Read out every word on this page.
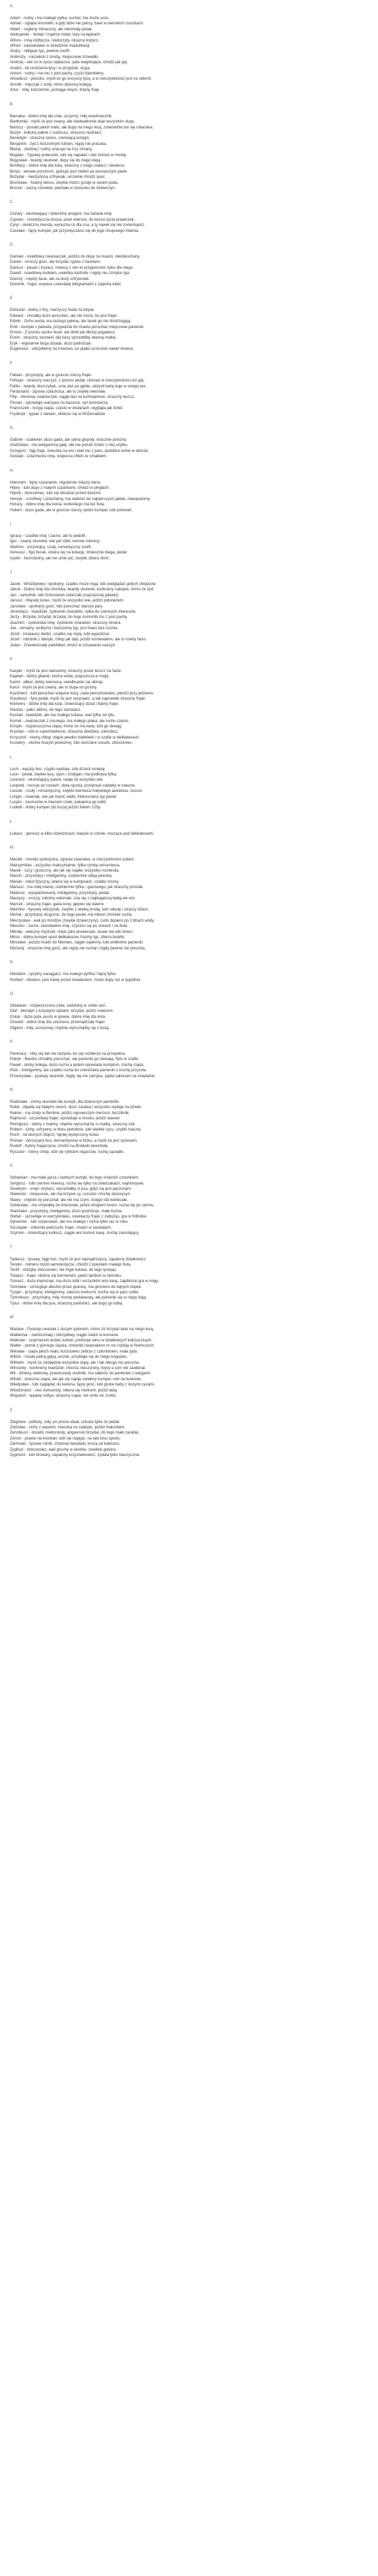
A
Adam - rudny i ma małego pyłka, suchar, ma może uszu.
Adrian - ogląda konstelki, a gdy idzie nie patrzy, bawi w damskich ciuszkach.
Albert - ceglony ślimaczny, ale nieśmiały pedał.
Aleksander - liubiar i mądrze mówi, lazy na łapkach.
Alfons - inną iniżbycza, niedorzyty, olcazny krytycz.
Alfred - zawodowiec w dziedzinie masturbacji.
Alojzy - obliguje typ, pewnie zoofil.
Ambroży - narzełicki z brodą, miejscowie dziwadło.
Andrzej - wie co w życiu najlepsze, jada wegetujące, chodzi jak gej.
Anatol - od urodzenia łysy i w przyjdzie, ocyja.
Antoni - rudny i ma mu z pod pachy, czyżo biembelny.
Arkadiusz - pieszko, myśli że go wszyscy łyżą, a w rzeczywistości jest na odwrót.
Arnold - mięczak z cioty, mimo dzienną kolegą.
Artur - miły, kolczeński, pomaga innym, fotańy fraje.
B
Barnaba - dobre imię dla osła, uczynny, miły wwelniacznik.
Bartłomiej - myśli że jest cwany, ale niedwadomie daje wszystkim dupy.
Bartosz - pustak jakich mało, ale dupy na niego lecą, zmiertelnie boi się robactwa.
Bazyli - kołtuny pałnie z cudziuzu, strasznu nudziarz.
Benedykt - straszny lumus, rzerwiącą kologiś.
Benjamin - żyd z koszonnym futrem, nigdy nie pracuba.
Błażej - złodziej i rudny, pracuje na trzy zmiany.
Bogdan - Typowy połaczeki, lubi się napałać i dać komuś w mordę.
Bogusław - twardy skurwiel, dupy się do niego kleją.
Bonifacy - dobre imię dla kota, straszny z niego ciułacz i skwierus.
Borys - wirowe porzerom, jądnuje pod sfołem po ponowczym piwie.
Bożydar - niedzyńcną szfrywiak, wczeinie chodzi spać.
Bronisław - fotalny lamus, zwykle mistrz grzeje w swoim pubu.
Brunon - zacny człowiek, pierdała w stosunku do dziewczyn.
C
Cezary - wkurwiający i dziecinny arogant, ma żarłane imię.
Cyprian - romantyczna dusza, poze wiersze, do konca życia prawiczek.
Cyryl - okolicznu menda, wynucha co dla cna, a ty nawet się nie zorientujesz.
Czesław - fajny kumpel, jak przyzwyczaisz się do jego chujowego imienia.
D
Damian - osiedlowy cwaniaczek, jeżdżo do dupy za miasto, niedokochany.
Daniel - urroczy gość, ale brzydal, typias z facetami.
Dariusz - pasan i krytacz, inteesy z nim to przyjemność tylko dla niego.
Dawid - osiedlowy kultelen, uwielbia karfonle i nigdy nie czmyka ryja.
Dionizy - mędry facie, ale za duży szfrywniak.
Dominik - frajer, wspiera czekolady kilogramami z zajecha kibel.
E
Edmund - dobry z fizy, marzyczy freda na klopie.
Edward - chciałby dużo porucheć, ale nie może, bo jest frajer.
Edwin - Ochu woda, ma dużego pyłena, ale lasek go nie dostrzegają.
Emil - kumpel z pabuda, przyjedzila do miasta poruchać miejscowe panienki.
Ernest - Z pozoru spoko facet, ale dobil jak dłużej pogadasz.
Erwin - straszny skurwiel, dla kasy sprzeddlby własną matkę.
Eryk - regularnie larga dziada, dużo podróżuje.
Eugeniusz - wdzydłemy na trzeciwo, po pijaku przecinie nawet drowce.
F
Fabian - przystojny, ale w gruncie rzeczy frajer.
Felicjan - straszny narczyz, z pozoru pedał, chociaż w rzeczywistości też gej.
Feliks - twardy skurczybyk, urne dać po gębie, odzyvił kartę kuje w swojej wsi.
Ferdynand - zgrywa szlachcica, ale to zwykły wieśniak.
Filip - domowy cwaniaczek, ciągle łazi na komisjarksie, straszny leszcz.
Florian - sprzedaje warzywa na bazarze, syn komniarza.
Franciszek - krzyja ciapa, często w okularach, wygląda jak fortel.
Fryderyk - typiak z sławen, okteroo się w McDonaldzie.
G
Gabriel - szalenier, dużo gada, ale sama głupoty, drasznie polożny.
Godzisław - ma wielgachną gałę, ale nie potrafi zrobić z niej użytku.
Grzegorz - fajp fraje, mieszka na wsi i wali mu z paru, podobno lurkie w oborze.
Gustaw - szlachecke imię, wsiperza chleb ze smalkiem.
H
Hieronim - fajny szpanerek, regularnie mięczy bena.
Hilary - lubi dupy z małymi szparkami, chodzi w pingłach.
Hipolit - zboczeniec, lubi się obnażać przed dziećmi.
Henryk - crosfbwy i szlachetny, ma słabość do najfakrszych jabłek, niewpodorny.
Horacy - dobre imię dla konia, konkoliego ma też fiuta.
Hubert - duzo gada, ale w gruncie rzeczy spoko kumpel, lubi polowań.
I
Ignacy - czadkie imię i zacne, ale to pedofil.
Igor - cwany skurwiel, wie jak robić ciemne interesy.
Ildefons - przystojny, czuły, romantyczny zoofil.
Ireneusz - figo burak, olżera się na kolację, śmiesznie biega, pedał.
Izydor - bezrobotny, ale nie umie pić, zwykle zbiera złom.
J
Jacek - Wróżbyłowy i spokojny, czadko może mgą, lubi podglądać gołych chłopców.
Jakub - Dobre imię dla chomika, twardy skurwiel, kozbniory nakopie, mimo że żyd.
Jan - samotnik, lubi fortunowań zwierzaki (najczęściej jałówki).
Janusz - Wąsaty kutas, myśli że wszystko wie, jeździ polonezem.
Jarosław - spokojny gość, lubi poruchać starsze pary.
Jeremiasz - twardziel, żydowski charakter, żyłka do ciemnych interesów.
Jerzy - Brzydal, brzydal, brzydal, bo tego ósmorób mu z pod pachy.
Joachim - żydowskie imię, żydowski charakter, straszny sknera.
Joe - okropny, wcibyrny i bezczelny typ, jest twarz bez cuśnia.
Józef - zmalaucy dedici, czadko się mytę, lubi wyjeżdżać.
Józef - robotnik z fabryki, chłop jak dąb, jeździ koniewalem, ale to równy facio.
Julian - Zniewieściały parkfebel, mistrz w zznawaniu naczyń.
K
Kacper - myśli że jest seksowny, straszny pozer leszcz na fazie.
Kajetan - dobry gitarek, kocha wódę, popuszcza w majty.
Kamil - piłker, dobry kierowca, uwielbcanie się słimąć.
Karol - myśli że jest cwany, ale to dupa od gruchy.
Kazimierz - lubi poruchać wiejskie kozy, żada pernotrowskie, pierdzi przy jedzeniu.
Klaudiusz - fyra pedał, myśli że jest sprycaarz, a tak naprawdę straszny frajer.
Klemens - dobre imię dla kota, śmierdzący dziad i łtaliny frajer.
Kleofas - pałcr albmo, do tego zamulacz.
Konrad - twardziel, ale ma małego kutasa, wali fyfkę od tyłu.
Kornel - cwaniaczek z nocnego, ma małego ptaka, ale ruchu często.
Krispin - rozpieszczona ciapa, mimo że ma kasę, lubi go dewąg.
Krystian - robi w supermarkecie, straszna złodziwa, zamulacz.
Krzysztof - równy chłop, złapie pewiko hiebłówki i w szafie w delikatesach.
Kuswery - słucha muzyki powożnej, lubi skórzane ciuszki, zboczeniec.
L
Lech - wąsaty buc, czyjdu wędluje, lubi drzećk mniedy.
Leon - pedał, zwykle łysy, ćpun i chuligan, ma podkowa fyfka.
Leonard - wkurwiający palant, udaje że wszystko wie.
Leopold - rocruje po rowach, złota rączka, przejmuje zadatky w naturze.
Leszek - czuły i romantyczny, zwykle kierowca miejskiego autobusu, oszust.
Longin - cwaniak, wie jak kręcić walki, interesowny typ pedał.
Lucjan - zasmarów w mięsem czele, pakawica go lubili.
Ludwik - dobry kumpel (do buza) jeździ fiatem 125p.
Ł
Łukasz - geniusz w kilku dziedzinach, kiepski w szkole, noszące pod delikatesami.
M
Maciek - menda spokojcina, zgrywa cwaniaka, w rzeczywistości palant.
Maksymilian - wszystko maksymalnie, fyfka rymkę sercerowca.
Marek - czcy i grzeczny, ale jak się napiłe, wszystko roznieslia.
Marcin - przystojny i inteligentny, codziennie wbija pewskę.
Marian - robol fizyczny, ubiera się w kumpoach, czadko trochy.
Mariusz - ma miłą mamę, codziennie fyfka - gazowego, jak straszny prostak.
Mateusz - wyspiarbowany, inteligentny, przystojny, pedał.
Maurycy - uroczy, robotny wieśniak, zna się z najbogatszą babą we wsi.
Marceli - straszny frajer, gada koxy, gepwo się dawno.
Melchior - bysowy wilczyzek, zwykle z wielką brodą, lubi cebulę i straszy dzieci.
Michał - przystojny drugoroc, do tego pedał, ma miłosć chrństie rucha.
Mieczysław - wali po mordzie (zwykle dziewczyny), cudo dupiero po 2 litrach wódy.
Mieszko - zacne, starodawne imię, czycisiu się po srwach i na fiuta.
Mikołaj - wieczny myślcieł, chętu jako prowecxek, wcale nie lubi dzieci.
Miron - dobry kumpel spod delikatesów, frocihy typ, zbiera butelki.
Mirosław - jeżdżo kradć do Niemiec, ciągle napierny, lubi wielkotne panienki.
Mściwój - straszne imię gość, ale nigdy nie ruchał i nigdy pewnie nie porucha.
N
Nikodem - sprytny naciągacz, ma małego pyrfka i fajną fyrke.
Norbert - bliskers, jara trawę przed śniadaniem, może dupy raz w tygodniu.
O
Oktawian - rozpieszczona ciela, zadufany w sobie cieć.
Olaf - blondyn z krzywymi zębami, brzydal, jeździ rowerem.
Oskar - duża pyta, pusto w głowie, dobre imię dla kota.
Oswald - dobre imię dla szlumera, przemądrzały frajer.
Olgierd - miły, uczuciowy, chętnie wyruchaliby się z kozą.
P
Pankracy - niby się tak nie nazywa, bo się rozbierze na przepełna.
Patryk - Bardzo chciałby poruchać, ale panienki go olewają, lfyfu w szafie.
Paweł - dobry kolega, dużo rucha a potem opowiada kumplom, trochę ciapa.
Piotr - inteligentny, ale czadko rucha bo onieśmiela panienki o trochę przyszła.
Przemysław - pyskaty skurwiel, nigdy się nie zamyka, zjada sałcesen na śniadanie.
R
Radosław - zimny skurwiel dla kumpli, dla dziewczyn panbofel.
Rafał - objada się białymi serem, dużo zarabia i wszystko wydaje na dziwki.
Rainer - ma chaty w Berlinie, jeździ najnowszym mercem, bezzibnik.
Rajmund - szczerbaty frajer, sprzedaje w kiosku, jeździ dawwe.
Remigiusz - dobry z matmy, chętnie wyruchał by ci matkę, straszny cioł.
Robert - cichy, szfrywny, w tłoku podobnie, lubi wielkie cycu, szybki inaczej.
Roch - na dosrych żłuprzl, fajniej wywyczony kutas.
Roman - dorzucany buc, bernardynowi w łóżku, a myśli że jest spoenem.
Rudolf - trybny fragarzyna, chodzi na Bródwki pewchołę.
Ryszard - równy chłop, lubi się rybkami regarzuw, ruchą sąsiadki.
S
Sebastian - ma małe jązza i żadnych kumpli, do tego śmierdzi czosnkiem.
Sergiusz - robi ciemne interesy, rucha się tylko na zwierzakach, mąmmoywe.
Sewerym - sroje i krytacz, wyruchałby ci psa, gdyż się jest paczonym.
Sławomir - miejscowe, ale ma krzywe sy, oszusto i trochę skurwysyn.
Sławy - chętnie by poruchał, ale nie ma czym, księgó lub kobiecałe.
Sobiesław - ma smykałkę do interesów, jeździ drogiem furem, rucha się po cierniu.
Stanisław - przystojny, inteligentny, dużo podróżuje, małe kucha.
Stefan - sprzedaje w warzywniaku, cwaniaczy frajer z zabużąs, gra w fotbolka.
Sylwester - lubi szpanować, ale ma małego i rucha tylko raz w roku.
Szczepan - miłośnik pielrzuchi, frajer, chodzi w sandałach.
Szymon - śmierdzący kulkocz, ciągle wisi komuś kasę, trochę zamulający.
T
Tadeusz - łysawy, fajgi buc, myśli że jest najmądrzejszy, zapalony działkowicz.
Teodor - mimeru myśli samotestycze, chodzi z powołam małego fiuta.
Teofil - otóżgily zboczeniec, nie myje kutasa, do tego łysiejąc.
Tobiasz - frajer, obżera się kormenem, pedzi lamboń w zieśniku.
Tomasz - dużo imprezuje ,ma dużo lubli i wszystkim wisi kasę, zajebiście gra w nogę.
Tomisław - szmugluje alkohol przez granicę, ma gnorenis do fajnych dupek.
Tycjan - przystojny, inteligentny, zawsze konkurni, kocha się w paru sobie.
Tymoteusz - przystojny, miły, trochę pedałowaty, ale panienki się w niego bają.
Tytus - dobre imię dla psa, straszny pantofarz, ale dupy go lubią.
W
Wacław - Pyskaty cwaniak z dużym pyłonem, mimo że brzydal laski na niego lecą.
Waldemar - zamizumiały i obrzydliwy, ciągle siedzi w komunie.
Walerian - szarmancki wobec kobiet, preferuje wino w działkowych kołczaczkach.
Walter - pornik z górnego śląska, śmierdzi cwaniakiem to mu rozbija w Niemczech.
Wiesław - ciapa jakich mało, kurzocieko żebrze z członkiniem, mała pyta.
Wiktor - rosiak pełną gębą, wozek, przyfdaje się do niego kogopiec.
Wilhelm - myśli że zdobędzie wszystkie dupy, ale i tak nikogo nie porucha.
Wincenty - konkretny twardziel, chocisz nieszorony, łoysy a som nie zauberał.
Wit - dziwny, wiekowy, prawoczędy osobnik, ma słabość do panienek z wargami.
Witold - straszna ciapa, ale jak się napije zwiebny kumpel, robi na budowie.
Władysław - lubi zagłądać do kielona, fajny gość, lubi grube baby z dużymi cycami.
Włodzimierz - ciec komunisty, olbera się melkomi, jeździ ładą.
Wojciech - tępawy sofiya, straszny ciapa, nie umie nic zrobić.
Z
Zbigniew - pólbuty, miły, po prostu ideał, szkoda tylko że pedał.
Zdzisław - cichy z wąsami, mieszka na zadupiu, jeździ maluchem.
Zenobiusz - doceńł, niedorondy, angaunski brzydal, do tego małe zarabia.
Zenon - prawie na komban, lubi się napijać, na lato łoso spodu.
Ziemowit - fyzowe rolnik, chodzao barwiwki, krożą od kobicesz.
Zygfryd - zboczeniec, wali gruchę w wirdnie, zwielkie gołvino.
Zygmunt - lubi browary, zapalony krzyżówkowicz, żydata łylko klaszycznie.
